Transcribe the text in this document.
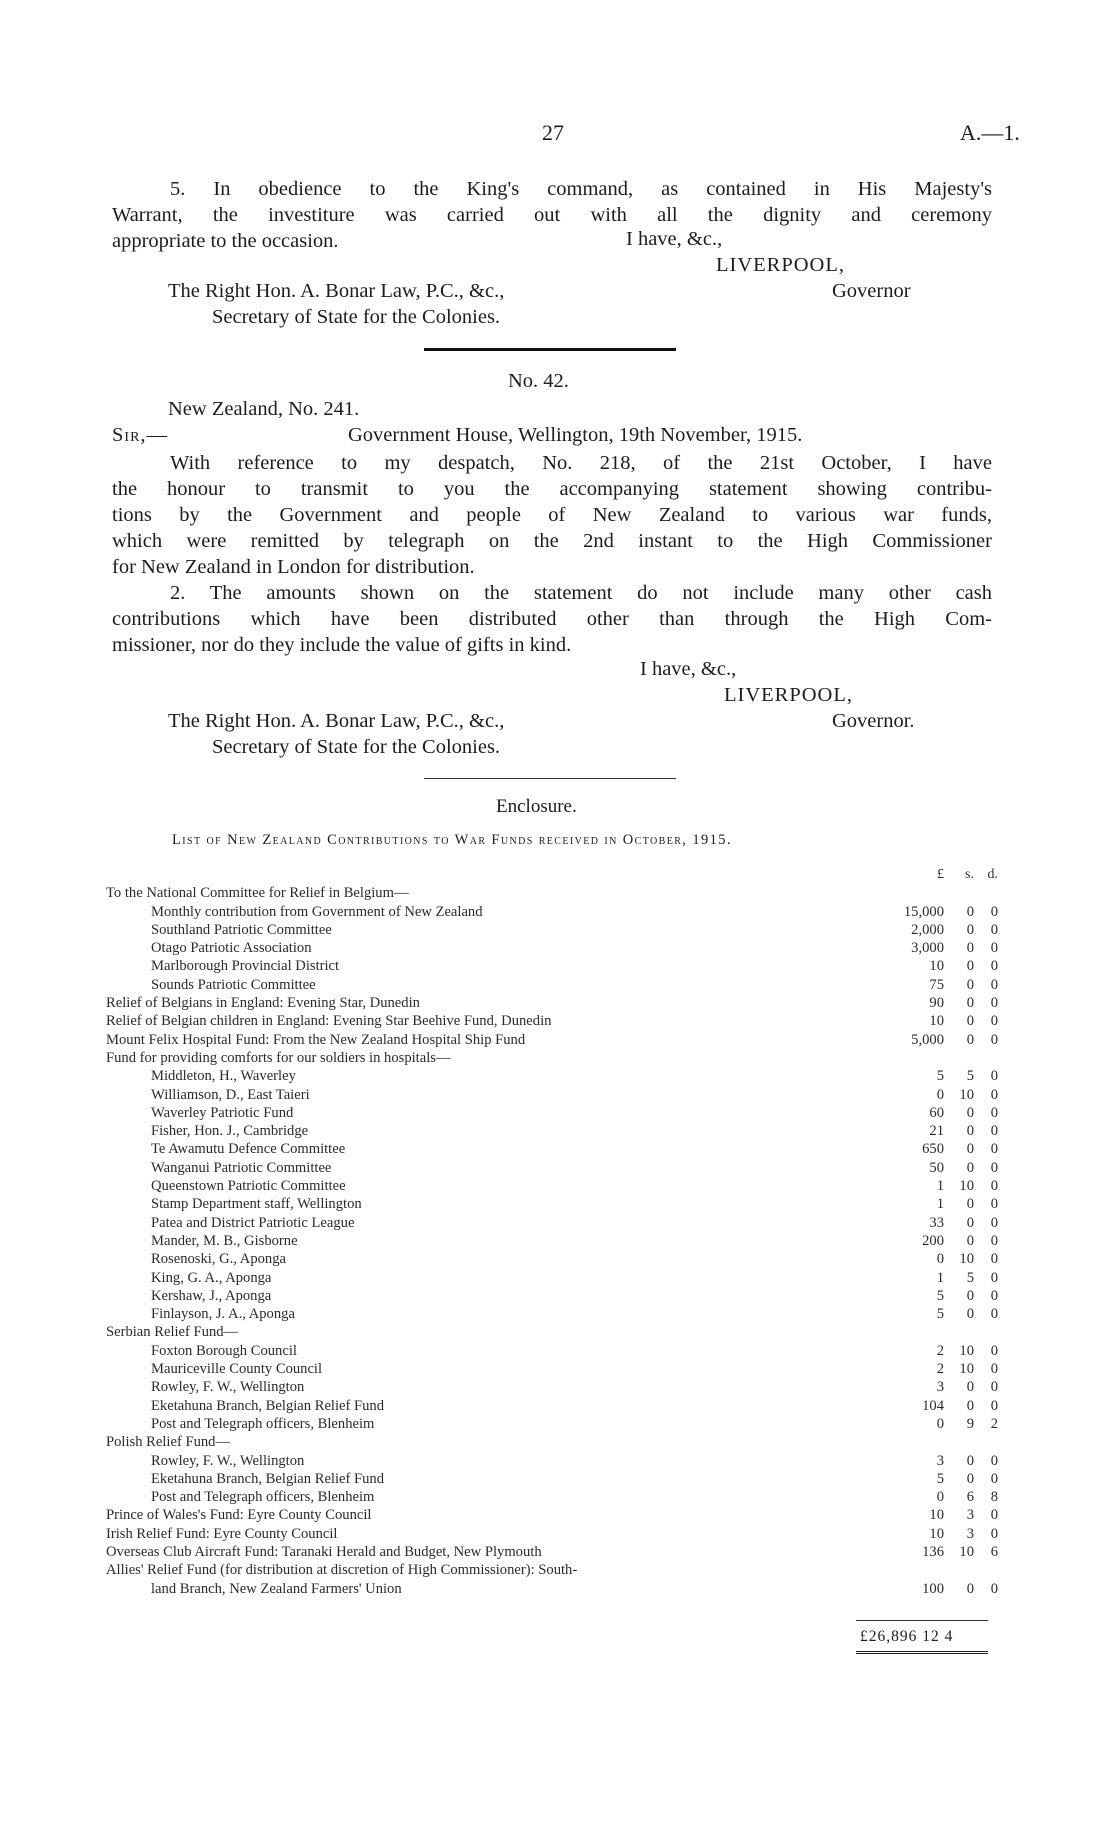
27	A.—1.
5. In obedience to the King's command, as contained in His Majesty's
Warrant, the investiture was carried out with all the dignity and ceremony
appropriate to the occasion.	I have, &c.,
LIVERPOOL,
The Right Hon. A. Bonar Law, P.C., &c.,	Governor
Secretary of State for the Colonies.
No. 42.
New Zealand, No. 241.
Sir,—	Government House, Wellington, 19th November, 1915.
With reference to my despatch, No. 218, of the 21st October, I have
the honour to transmit to you the accompanying statement showing contribu-
tions by the Government and people of New Zealand to various war funds,
which were remitted by telegraph on the 2nd instant to the High Commissioner
for New Zealand in London for distribution.
2. The amounts shown on the statement do not include many other cash
contributions which have been distributed other than through the High Com-
missioner, nor do they include the value of gifts in kind.
I have, &c.,
LIVERPOOL,
The Right Hon. A. Bonar Law, P.C., &c.,	Governor.
Secretary of State for the Colonies.
Enclosure.
List of New Zealand Contributions to War Funds received in October, 1915.
£	s. d.
To the National Committee for Relief in Belgium—
Monthly contribution from Government of New Zealand	15,000	0	0
Southland Patriotic Committee	2,000	0	0
Otago Patriotic Association	3,000	0	0
Marlborough Provincial District	10	0	0
Sounds Patriotic Committee	75	0	0
Relief of Belgians in England: Evening Star, Dunedin	90	0	0
Relief of Belgian children in England: Evening Star Beehive Fund, Dunedin	10	0	0
Mount Felix Hospital Fund: From the New Zealand Hospital Ship Fund	5,000	0	0
Fund for providing comforts for our soldiers in hospitals—
Middleton, H., Waverley	5	5	0
Williamson, D., East Taieri	0	10	0
Waverley Patriotic Fund	60	0	0
Fisher, Hon. J., Cambridge	21	0	0
Te Awamutu Defence Committee	650	0	0
Wanganui Patriotic Committee	50	0	0
Queenstown Patriotic Committee	1	10	0
Stamp Department staff, Wellington	1	0	0
Patea and District Patriotic League	33	0	0
Mander, M. B., Gisborne	200	0	0
Rosenoski, G., Aponga	0	10	0
King, G. A., Aponga	1	5	0
Kershaw, J., Aponga	5	0	0
Finlayson, J. A., Aponga	5	0	0
Serbian Relief Fund—
Foxton Borough Council	2	10	0
Mauriceville County Council	2	10	0
Rowley, F. W., Wellington	3	0	0
Eketahuna Branch, Belgian Relief Fund	104	0	0
Post and Telegraph officers, Blenheim	0	9	2
Polish Relief Fund—
Rowley, F. W., Wellington	3	0	0
Eketahuna Branch, Belgian Relief Fund	5	0	0
Post and Telegraph officers, Blenheim	0	6	8
Prince of Wales's Fund: Eyre County Council	10	3	0
Irish Relief Fund: Eyre County Council	10	3	0
Overseas Club Aircraft Fund: Taranaki Herald and Budget, New Plymouth	136	10	6
Allies' Relief Fund (for distribution at discretion of High Commissioner): South-
land Branch, New Zealand Farmers' Union	100	0	0
£26,896 12 4
